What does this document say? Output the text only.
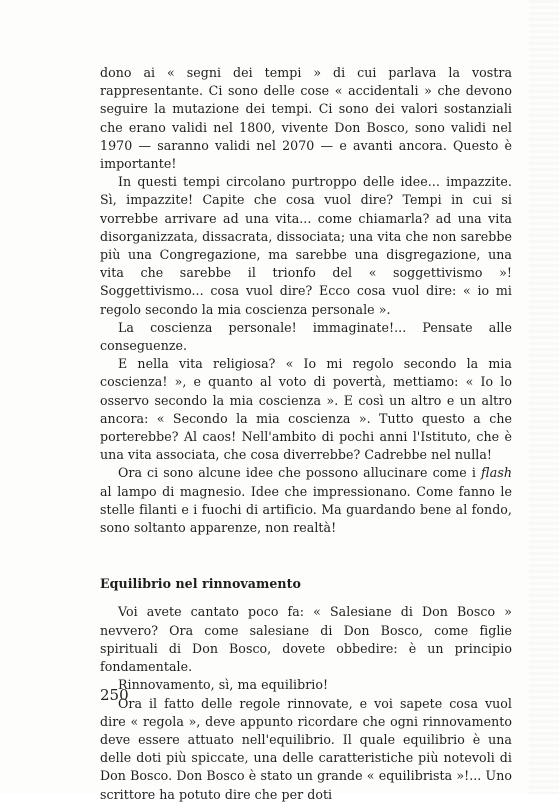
dono ai « segni dei tempi » di cui parlava la vostra rappresentante. Ci sono delle cose « accidentali » che devono seguire la mutazione dei tempi. Ci sono dei valori sostanziali che erano validi nel 1800, vivente Don Bosco, sono validi nel 1970 — saranno validi nel 2070 — e avanti ancora. Questo è importante!

In questi tempi circolano purtroppo delle idee... impazzite. Sì, impazzite! Capite che cosa vuol dire? Tempi in cui si vorrebbe arrivare ad una vita... come chiamarla? ad una vita disorganizzata, dissacrata, dissociata; una vita che non sarebbe più una Congregazione, ma sarebbe una disgregazione, una vita che sarebbe il trionfo del « soggettivismo »! Soggettivismo... cosa vuol dire? Ecco cosa vuol dire: « io mi regolo secondo la mia coscienza personale ».

La coscienza personale! immaginate!... Pensate alle conseguenze.

E nella vita religiosa? « Io mi regolo secondo la mia coscienza! », e quanto al voto di povertà, mettiamo: « Io lo osservo secondo la mia coscienza ». E così un altro e un altro ancora: « Secondo la mia coscienza ». Tutto questo a che porterebbe? Al caos! Nell'ambito di pochi anni l'Istituto, che è una vita associata, che cosa diverrebbe? Cadrebbe nel nulla!

Ora ci sono alcune idee che possono allucinare come i flash al lampo di magnesio. Idee che impressionano. Come fanno le stelle filanti e i fuochi di artificio. Ma guardando bene al fondo, sono soltanto apparenze, non realtà!

Equilibrio nel rinnovamento

Voi avete cantato poco fa: « Salesiane di Don Bosco » nevvero? Ora come salesiane di Don Bosco, come figlie spirituali di Don Bosco, dovete obbedire: è un principio fondamentale.

Rinnovamento, sì, ma equilibrio!

Ora il fatto delle regole rinnovate, e voi sapete cosa vuol dire « regola », deve appunto ricordare che ogni rinnovamento deve essere attuato nell'equilibrio. Il quale equilibrio è una delle doti più spiccate, una delle caratteristiche più notevoli di Don Bosco. Don Bosco è stato un grande « equilibrista »!... Uno scrittore ha potuto dire che per doti

250
